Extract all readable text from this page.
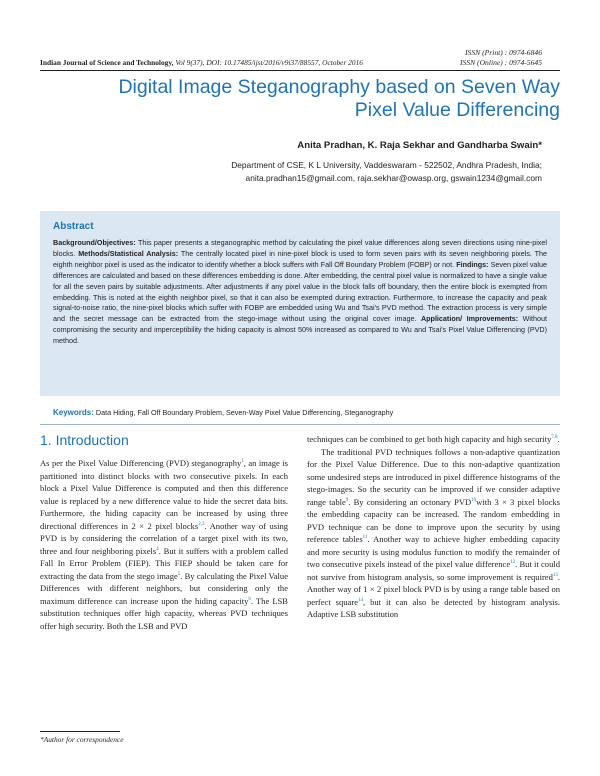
ISSN (Print) : 0974-6846
ISSN (Online) : 0974-5645
Indian Journal of Science and Technology, Vol 9(37), DOI: 10.17485/ijst/2016/v9i37/88557, October 2016
Digital Image Steganography based on Seven Way
Pixel Value Differencing
Anita Pradhan, K. Raja Sekhar and Gandharba Swain*
Department of CSE, K L University, Vaddeswaram - 522502, Andhra Pradesh, India;
anita.pradhan15@gmail.com, raja.sekhar@owasp.org, gswain1234@gmail.com
Abstract
Background/Objectives: This paper presents a steganographic method by calculating the pixel value differences along seven directions using nine-pixel blocks. Methods/Statistical Analysis: The centrally located pixel in nine-pixel block is used to form seven pairs with its seven neighboring pixels. The eighth neighbor pixel is used as the indicator to identify whether a block suffers with Fall Off Boundary Problem (FOBP) or not. Findings: Seven pixel value differences are calculated and based on these differences embedding is done. After embedding, the central pixel value is normalized to have a single value for all the seven pairs by suitable adjustments. After adjustments if any pixel value in the block falls off boundary, then the entire block is exempted from embedding. This is noted at the eighth neighbor pixel, so that it can also be exempted during extraction. Furthermore, to increase the capacity and peak signal-to-noise ratio, the nine-pixel blocks which suffer with FOBP are embedded using Wu and Tsai's PVD method. The extraction process is very simple and the secret message can be extracted from the stego-image without using the original cover image. Application/ Improvements: Without compromising the security and imperceptibility the hiding capacity is almost 50% increased as compared to Wu and Tsai's Pixel Value Differencing (PVD) method.
Keywords: Data Hiding, Fall Off Boundary Problem, Seven-Way Pixel Value Differencing, Steganography
1. Introduction

As per the Pixel Value Differencing (PVD) steganography$^1$, an image is partitioned into distinct blocks with two consecutive pixels. In each block a Pixel Value Difference is computed and then this difference value is replaced by a new difference value to hide the secret data bits. Furthermore, the hiding capacity can be increased by using three directional differences in 2 × 2 pixel blocks$^{2,3}$. Another way of using PVD is by considering the correlation of a target pixel with its two, three and four neighboring pixels$^4$. But it suffers with a problem called Fall In Error Problem (FIEP). This FIEP should be taken care for extracting the data from the stego image$^5$. By calculating the Pixel Value Differences with different neighbors, but considering only the maximum difference can increase upon the hiding capacity$^6$. The LSB substitution techniques offer high capacity, whereas PVD techniques offer high security. Both the LSB and PVD

techniques can be combined to get both high capacity and high security$^{7,8}$.

The traditional PVD techniques follows a non-adaptive quantization for the Pixel Value Difference. Due to this non-adaptive quantization some undesired steps are introduced in pixel difference histograms of the stego-images. So the security can be improved if we consider adaptive range table$^9$. By considering an octonary PVD$^{10}$with 3 × 3 pixel blocks the embedding capacity can be increased. The random embedding in PVD technique can be done to improve upon the security by using reference tables$^{11}$. Another way to achieve higher embedding capacity and more security is using modulus function to modify the remainder of two consecutive pixels instead of the pixel value difference$^{12}$. But it could not survive from histogram analysis, so some improvement is required$^{13}$. Another way of 1 × 2 pixel block PVD is by using a range table based on perfect square$^{14}$, but it can also be detected by histogram analysis. Adaptive LSB substitution

*Author for correspondence
